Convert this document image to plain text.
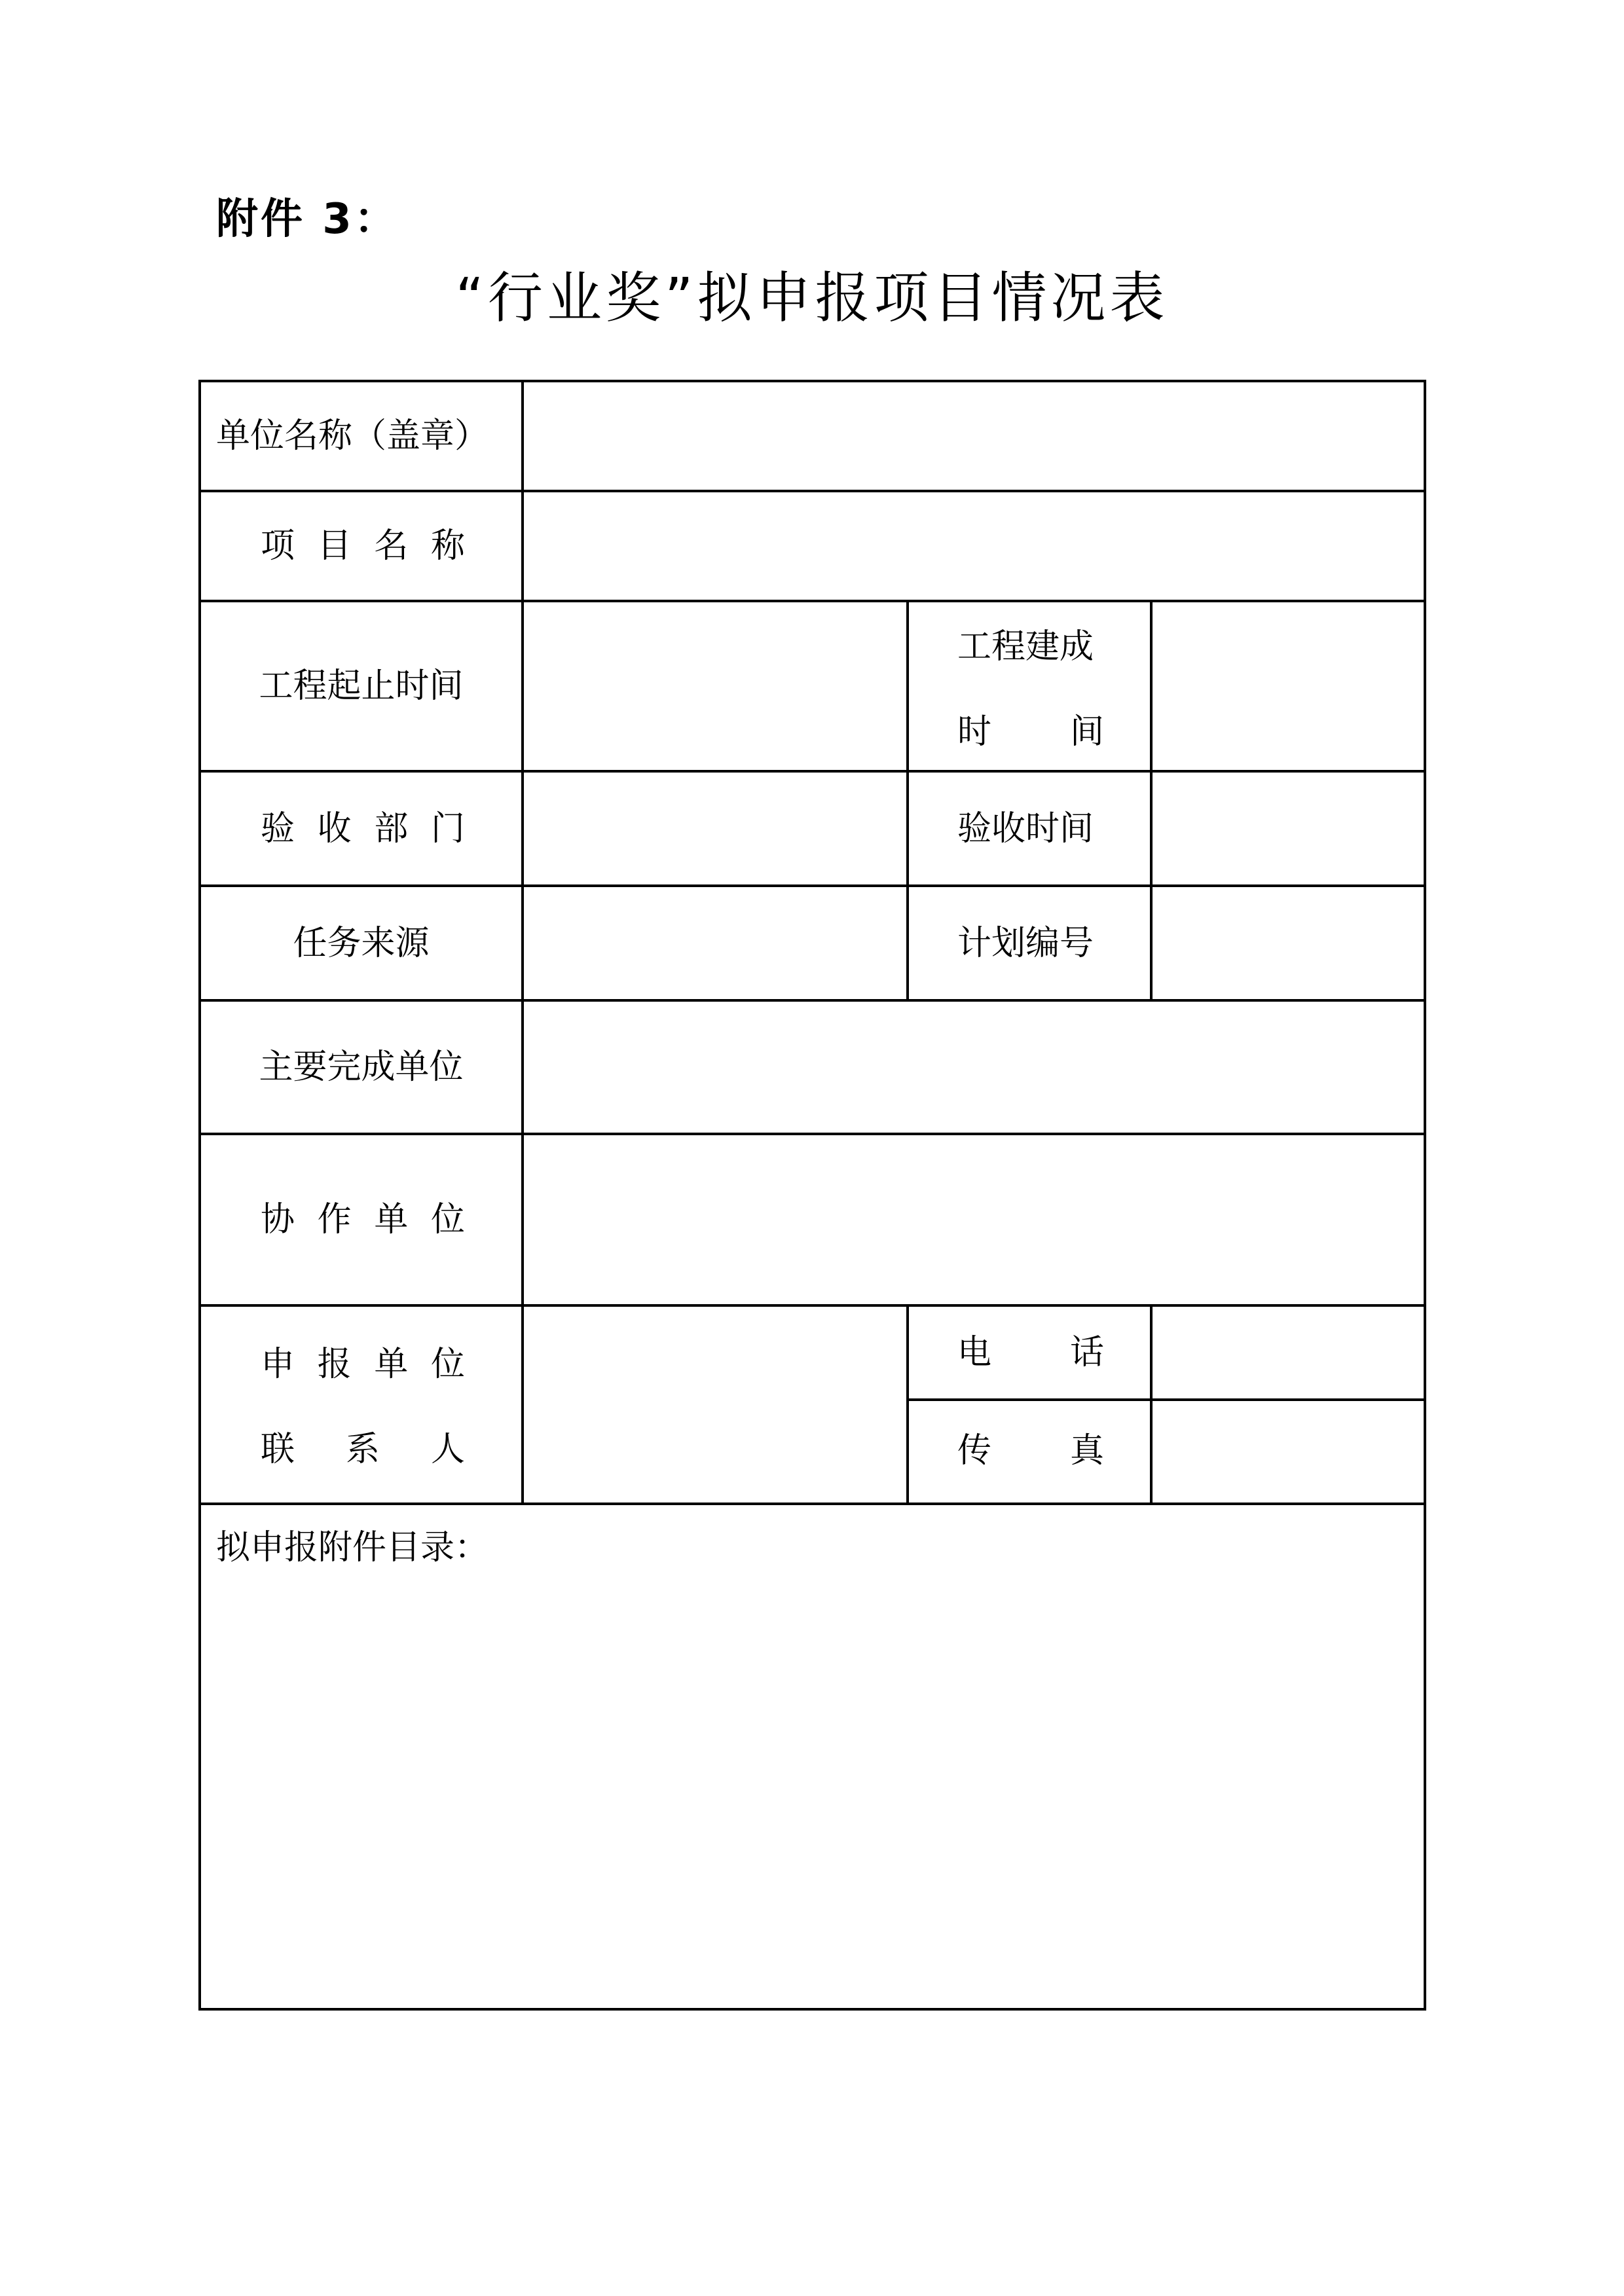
附件 3：
“行业奖”拟申报项目情况表
单位名称（盖章）
项 目 名 称
工程起止时间
工程建成
时 间
验 收 部 门	验收时间
任务来源	计划编号
主要完成单位
协 作 单 位
申 报 单 位
联 系 人
电 话
传 真
拟申报附件目录：
